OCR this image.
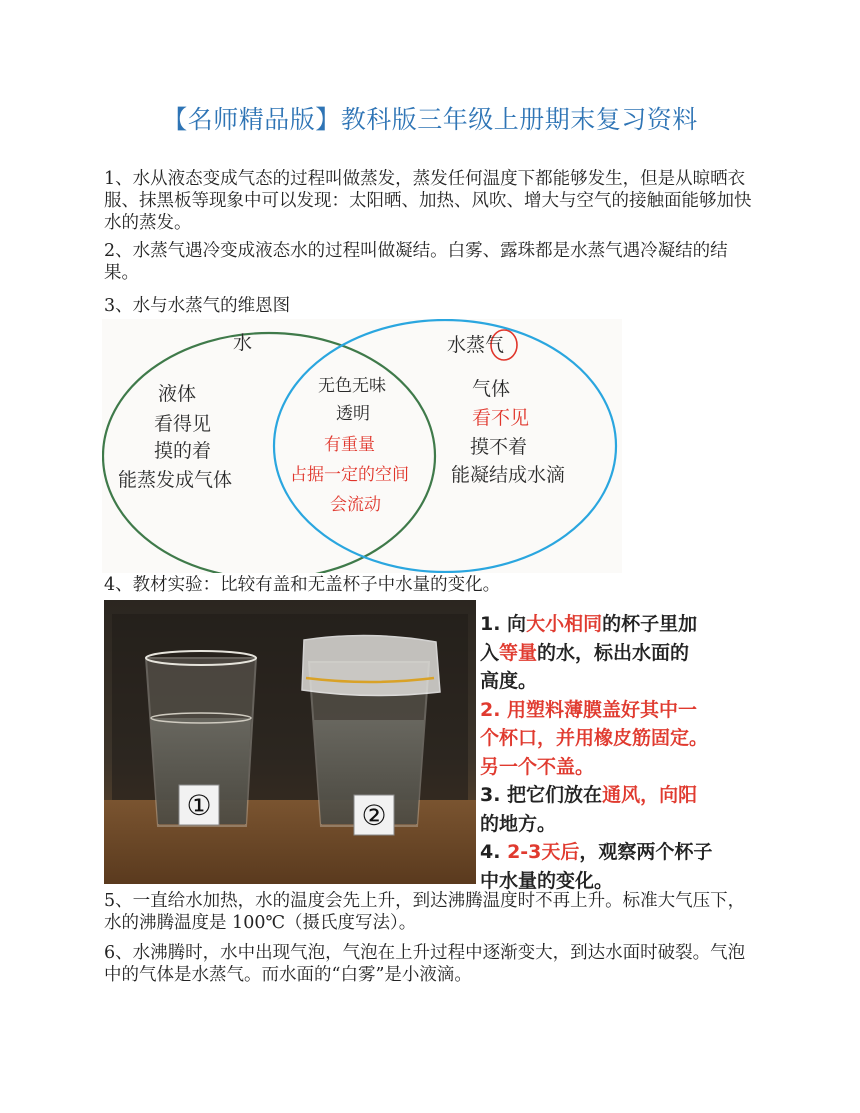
【名师精品版】教科版三年级上册期末复习资料
1、水从液态变成气态的过程叫做蒸发，蒸发任何温度下都能够发生，但是从晾晒衣服、抹黑板等现象中可以发现：太阳晒、加热、风吹、增大与空气的接触面能够加快水的蒸发。
2、水蒸气遇冷变成液态水的过程叫做凝结。白雾、露珠都是水蒸气遇冷凝结的结果。
3、水与水蒸气的维恩图
水	水蒸气
液体
看得见
摸的着
能蒸发成气体
无色无味
透明
有重量
占据一定的空间
会流动
气体
看不见
摸不着
能凝结成水滴
4、教材实验：比较有盖和无盖杯子中水量的变化。
①	②
1. 向大小相同的杯子里加
入等量的水，标出水面的
高度。
2. 用塑料薄膜盖好其中一
个杯口，并用橡皮筋固定。
另一个不盖。
3. 把它们放在通风，向阳
的地方。
4. 2-3天后，观察两个杯子
中水量的变化。
5、一直给水加热，水的温度会先上升，到达沸腾温度时不再上升。标准大气压下，水的沸腾温度是 100℃（摄氏度写法）。
6、水沸腾时，水中出现气泡，气泡在上升过程中逐渐变大，到达水面时破裂。气泡中的气体是水蒸气。而水面的“白雾”是小液滴。
